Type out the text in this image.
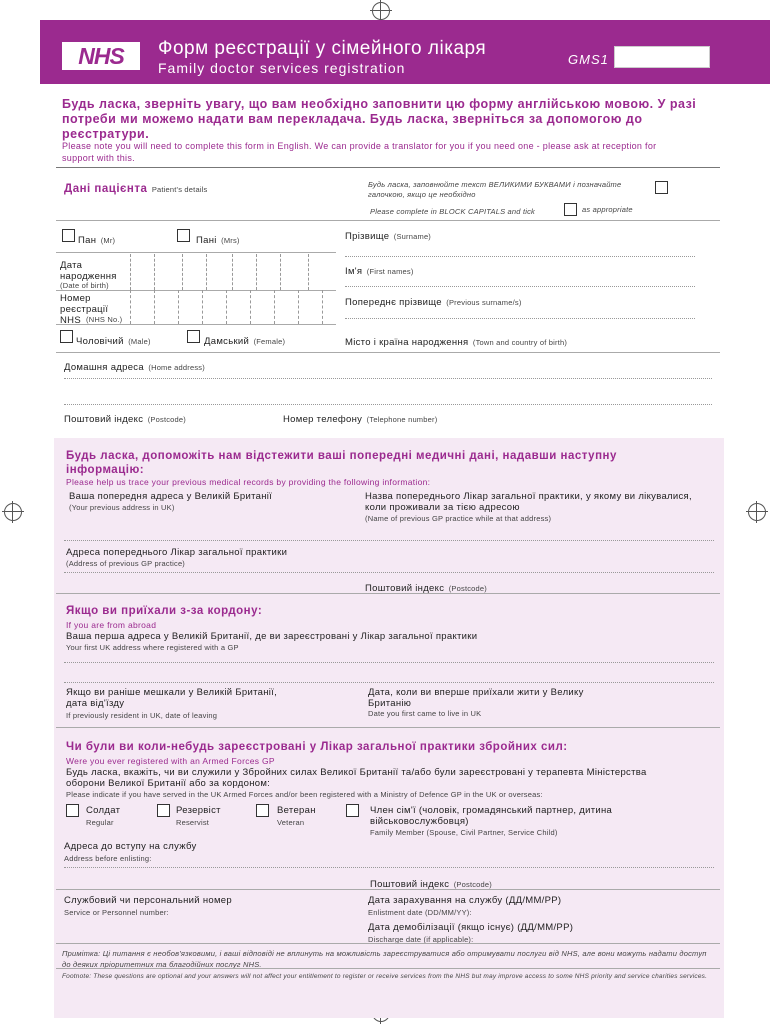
NHS	Форм реєстрації у сімейного лікаря
Family doctor services registration
GMS1
Будь ласка, зверніть увагу, що вам необхідно заповнити цю форму англійською мовою. У разі потреби ми можемо надати вам перекладача. Будь ласка, зверніться за допомогою до реєстратури.
Please note you will need to complete this form in English. We can provide a translator for you if you need one - please ask at reception for support with this.
Дані пацієнта Patient's details
Будь ласка, заповнюйте текст ВЕЛИКИМИ БУКВАМИ і позначайте галочкою, якщо це необхідно
Please complete in BLOCK CAPITALS and tick	as appropriate
Пан (Mr)	Пані (Mrs)	Прізвище (Surname)
Дата народження
(Date of birth)
Ім'я (First names)
Номер реєстрації NHS (NHS No.)
Попереднє прізвище (Previous surname/s)
Чоловічий (Male)	Дамський (Female)	Місто і країна народження (Town and country of birth)
Домашня адреса (Home address)
Поштовий індекс (Postcode)	Номер телефону (Telephone number)
Будь ласка, допоможіть нам відстежити ваші попередні медичні дані, надавши наступну інформацію:
Please help us trace your previous medical records by providing the following information:
Ваша попередня адреса у Великій Британії
(Your previous address in UK)
Назва попереднього Лікар загальної практики, у якому ви лікувалися, коли проживали за тією адресою
(Name of previous GP practice while at that address)
Адреса попереднього Лікар загальної практики
(Address of previous GP practice)
Поштовий індекс (Postcode)
Якщо ви приїхали з-за кордону:
If you are from abroad
Ваша перша адреса у Великій Британії, де ви зареєстровані у Лікар загальної практики
Your first UK address where registered with a GP
Якщо ви раніше мешкали у Великій Британії, дата від'їзду
If previously resident in UK, date of leaving
Дата, коли ви вперше приїхали жити у Велику Британію
Date you first came to live in UK
Чи були ви коли-небудь зареєстровані у Лікар загальної практики збройних сил:
Were you ever registered with an Armed Forces GP
Будь ласка, вкажіть, чи ви служили у Збройних силах Великої Британії та/або були зареєстровані у терапевта Міністерства оборони Великої Британії або за кордоном:
Please indicate if you have served in the UK Armed Forces and/or been registered with a Ministry of Defence GP in the UK or overseas:
Солдат
Regular
Резервіст
Reservist
Ветеран
Veteran
Член сім'ї (чоловік, громадянський партнер, дитина військовослужбовця)
Family Member (Spouse, Civil Partner, Service Child)
Адреса до вступу на службу
Address before enlisting:
Поштовий індекс (Postcode)
Службовий чи персональний номер
Service or Personnel number:
Дата зарахування на службу (ДД/ММ/РР)
Enlistment date (DD/MM/YY):
Дата демобілізації (якщо існує) (ДД/ММ/РР)
Discharge date (if applicable):
Примітка: Ці питання є необов'язковими, і ваші відповіді не вплинуть на можливість зареєструватися або отримувати послуги від NHS, але вони можуть надати доступ до деяких пріоритетних та благодійних послуг NHS.
Footnote: These questions are optional and your answers will not affect your entitlement to register or receive services from the NHS but may improve access to some NHS priority and service charities services.
